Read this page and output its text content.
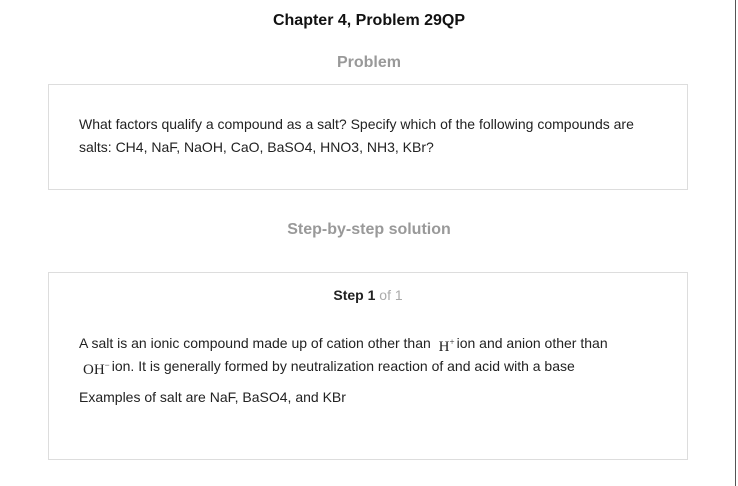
Chapter 4, Problem 29QP
Problem
What factors qualify a compound as a salt? Specify which of the following compounds are salts: CH4, NaF, NaOH, CaO, BaSO4, HNO3, NH3, KBr?
Step-by-step solution
Step 1 of 1
A salt is an ionic compound made up of cation other than H+ ion and anion other than
OH− ion. It is generally formed by neutralization reaction of and acid with a base
Examples of salt are NaF, BaSO4, and KBr
